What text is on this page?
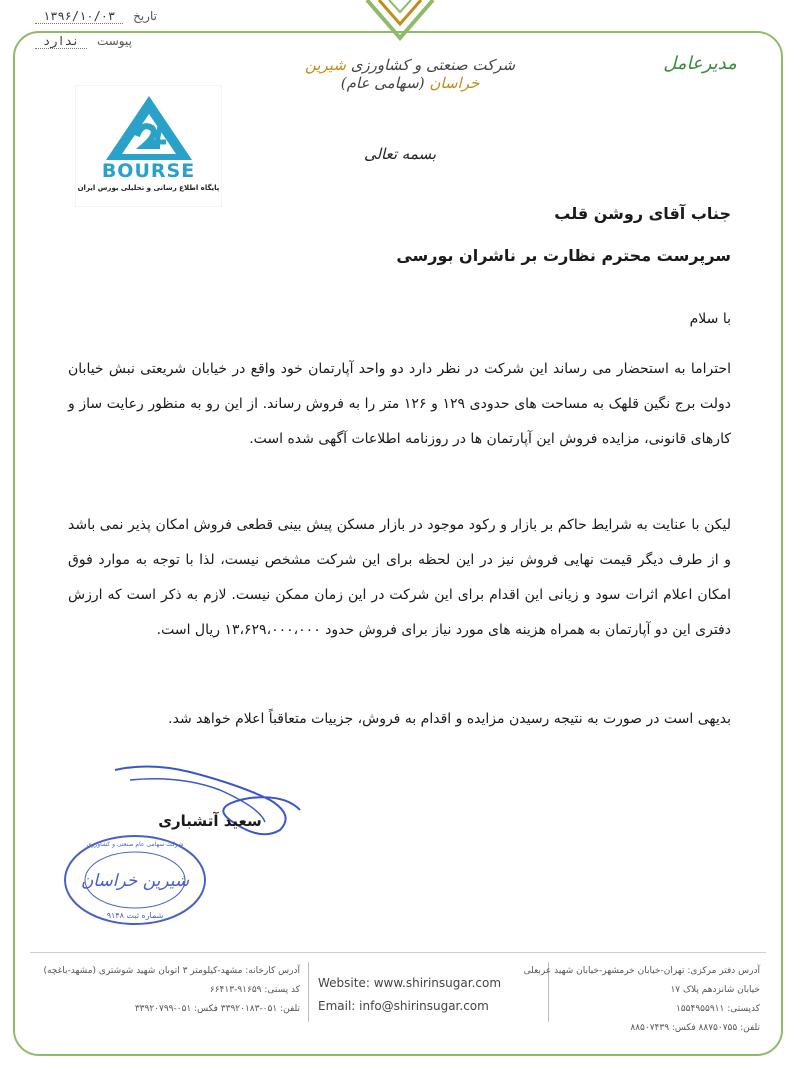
تاریخ ۱۳۹۶/۱۰/۰۳
پیوست ندارد
شرکت صنعتی و کشاورزی شیرین خراسان (سهامی عام)
مدیرعامل
BOURSE
پایگاه اطلاع رسانی و تحلیلی بورس ایران
بسمه تعالی
جناب آقای روشن قلب
سرپرست محترم نظارت بر ناشران بورسی
با سلام
احتراما به استحضار می رساند این شرکت در نظر دارد دو واحد آپارتمان خود واقع در خیابان شریعتی نبش خیابان دولت برج نگین قلهک به مساحت های حدودی ۱۲۹ و ۱۲۶ متر را به فروش رساند. از این رو به منظور رعایت ساز و کارهای قانونی، مزایده فروش این آپارتمان ها در روزنامه اطلاعات آگهی شده است.
لیکن با عنایت به شرایط حاکم بر بازار و رکود موجود در بازار مسکن پیش بینی قطعی فروش امکان پذیر نمی باشد و از طرف دیگر قیمت نهایی فروش نیز در این لحظه برای این شرکت مشخص نیست، لذا با توجه به موارد فوق امکان اعلام اثرات سود و زیانی این اقدام برای این شرکت در این زمان ممکن نیست. لازم به ذکر است که ارزش دفتری این دو آپارتمان به همراه هزینه های مورد نیاز برای فروش حدود ۱۳،۶۲۹،۰۰۰،۰۰۰ ریال است.
بدیهی است در صورت به نتیجه رسیدن مزایده و اقدام به فروش، جزییات متعاقباً اعلام خواهد شد.
سعید آتشباری
شیرین خراسان
شرکت سهامی عام صنعتی و کشاورزی
شماره ثبت ۹۱۴۸
آدرس دفتر مرکزی: تهران-خیابان خرمشهر-خیابان شهید عربعلی
خیابان شانزدهم پلاک ۱۷
کدپستی: ۱۵۵۴۹۵۵۹۱۱
تلفن: ۸۸۷۵۰۷۵۵ فکس: ۸۸۵۰۷۴۳۹
Website: www.shirinsugar.com
Email: info@shirinsugar.com
آدرس کارخانه: مشهد-کیلومتر ۳ اتوبان شهید شوشتری (مشهد-باغچه)
کد پستی: ۹۱۶۵۹-۶۶۴۱۳
تلفن: ۰۵۱-۳۳۹۲۰۱۸۳ فکس: ۰۵۱-۳۳۹۲۰۷۹۹
